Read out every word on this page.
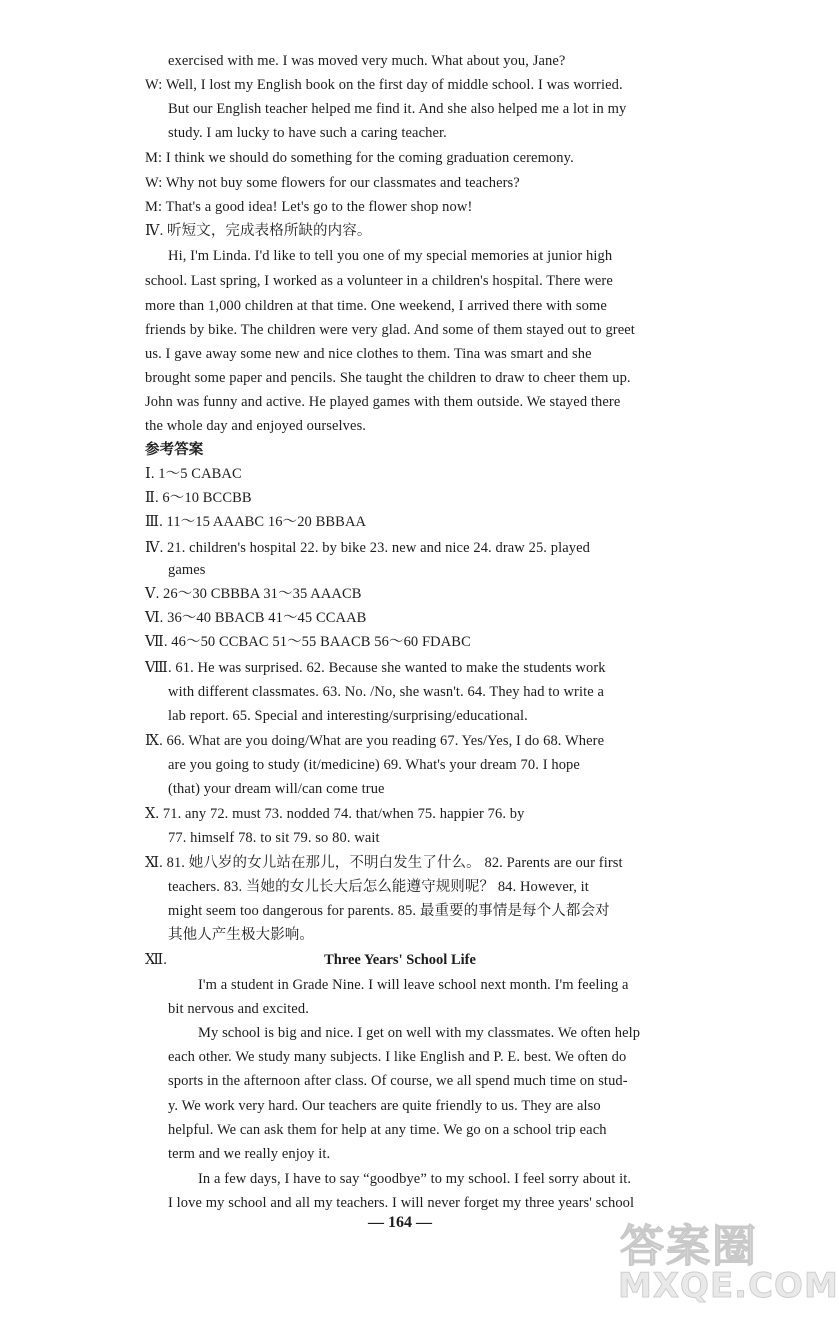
exercised with me. I was moved very much. What about you, Jane?
W: Well, I lost my English book on the first day of middle school. I was worried.
But our English teacher helped me find it. And she also helped me a lot in my
study. I am lucky to have such a caring teacher.
M: I think we should do something for the coming graduation ceremony.
W: Why not buy some flowers for our classmates and teachers?
M: That's a good idea! Let's go to the flower shop now!
Ⅳ. 听短文，完成表格所缺的内容。
Hi, I'm Linda. I'd like to tell you one of my special memories at junior high
school. Last spring, I worked as a volunteer in a children's hospital. There were
more than 1,000 children at that time. One weekend, I arrived there with some
friends by bike. The children were very glad. And some of them stayed out to greet
us. I gave away some new and nice clothes to them. Tina was smart and she
brought some paper and pencils. She taught the children to draw to cheer them up.
John was funny and active. He played games with them outside. We stayed there
the whole day and enjoyed ourselves.
参考答案
Ⅰ. 1～5 CABAC
Ⅱ. 6～10 BCCBB
Ⅲ. 11～15 AAABC 16～20 BBBAA
Ⅳ. 21. children's hospital 22. by bike 23. new and nice 24. draw 25. played
games
Ⅴ. 26～30 CBBBA 31～35 AAACB
Ⅵ. 36～40 BBACB 41～45 CCAAB
Ⅶ. 46～50 CCBAC 51～55 BAACB 56～60 FDABC
Ⅷ. 61. He was surprised. 62. Because she wanted to make the students work
with different classmates. 63. No. /No, she wasn't. 64. They had to write a
lab report. 65. Special and interesting/surprising/educational.
Ⅸ. 66. What are you doing/What are you reading 67. Yes/Yes, I do 68. Where
are you going to study (it/medicine) 69. What's your dream 70. I hope
(that) your dream will/can come true
Ⅹ. 71. any 72. must 73. nodded 74. that/when 75. happier 76. by
77. himself 78. to sit 79. so 80. wait
Ⅺ. 81. 她八岁的女儿站在那儿，不明白发生了什么。 82. Parents are our first
teachers. 83. 当她的女儿长大后怎么能遵守规则呢？ 84. However, it
might seem too dangerous for parents. 85. 最重要的事情是每个人都会对
其他人产生极大影响。
Ⅻ.	Three Years' School Life
I'm a student in Grade Nine. I will leave school next month. I'm feeling a
bit nervous and excited.
My school is big and nice. I get on well with my classmates. We often help
each other. We study many subjects. I like English and P. E. best. We often do
sports in the afternoon after class. Of course, we all spend much time on stud-
y. We work very hard. Our teachers are quite friendly to us. They are also
helpful. We can ask them for help at any time. We go on a school trip each
term and we really enjoy it.
In a few days, I have to say “goodbye” to my school. I feel sorry about it.
I love my school and all my teachers. I will never forget my three years' school
— 164 —	答案圈
MXQE.COM
